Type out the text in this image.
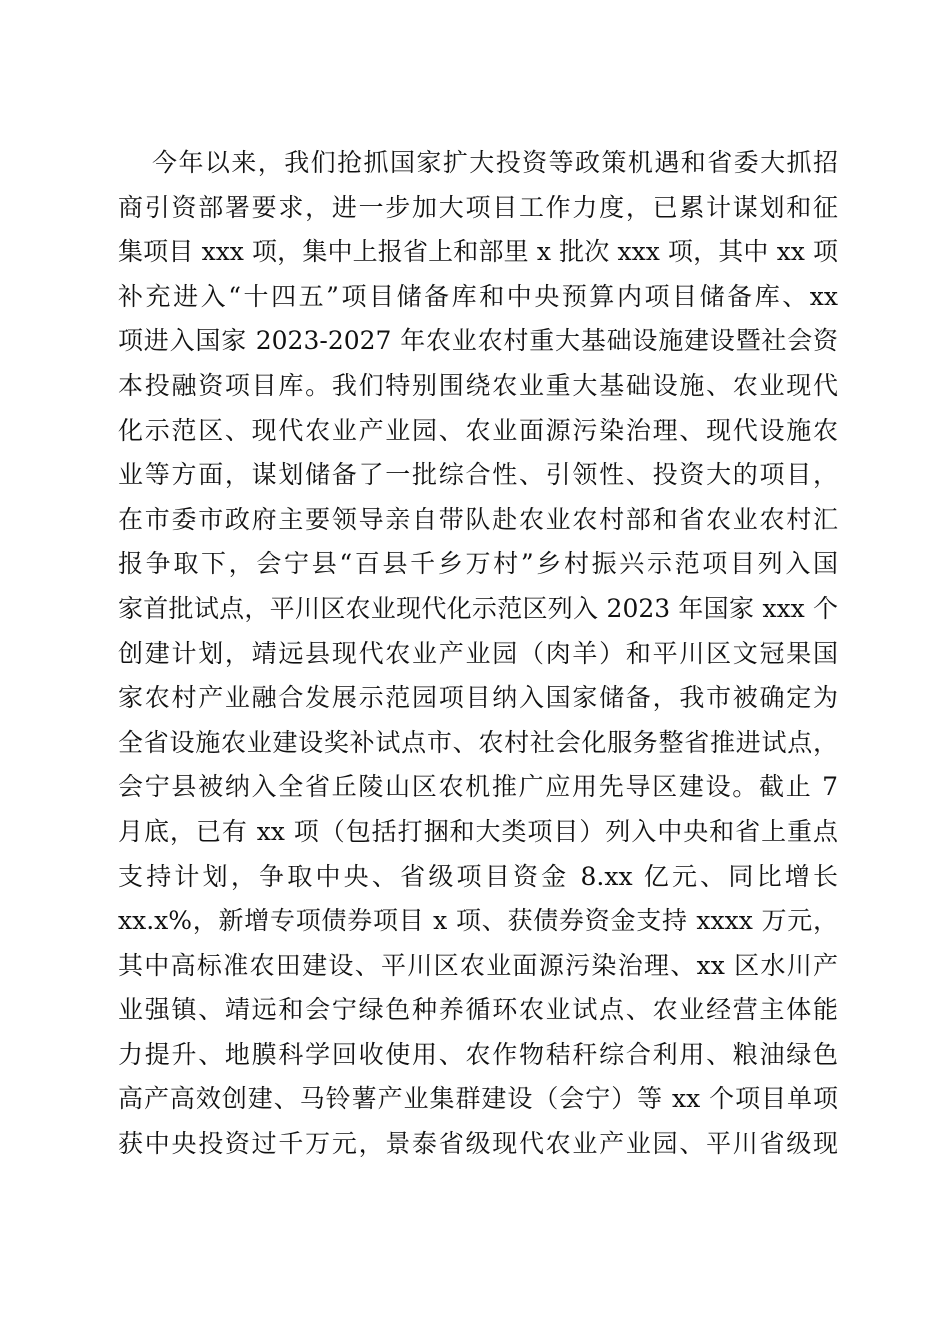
今年以来，我们抢抓国家扩大投资等政策机遇和省委大抓招
商引资部署要求，进一步加大项目工作力度，已累计谋划和征
集项目 xxx 项，集中上报省上和部里 x 批次 xxx 项，其中 xx 项
补充进入“十四五”项目储备库和中央预算内项目储备库、xx
项进入国家 2023-2027 年农业农村重大基础设施建设暨社会资
本投融资项目库。我们特别围绕农业重大基础设施、农业现代
化示范区、现代农业产业园、农业面源污染治理、现代设施农
业等方面，谋划储备了一批综合性、引领性、投资大的项目，
在市委市政府主要领导亲自带队赴农业农村部和省农业农村汇
报争取下，会宁县“百县千乡万村”乡村振兴示范项目列入国
家首批试点，平川区农业现代化示范区列入 2023 年国家 xxx 个
创建计划，靖远县现代农业产业园（肉羊）和平川区文冠果国
家农村产业融合发展示范园项目纳入国家储备，我市被确定为
全省设施农业建设奖补试点市、农村社会化服务整省推进试点，
会宁县被纳入全省丘陵山区农机推广应用先导区建设。截止 7
月底，已有 xx 项（包括打捆和大类项目）列入中央和省上重点
支持计划，争取中央、省级项目资金 8.xx 亿元、同比增长
xx.x%，新增专项债券项目 x 项、获债券资金支持 xxxx 万元，
其中高标准农田建设、平川区农业面源污染治理、xx 区水川产
业强镇、靖远和会宁绿色种养循环农业试点、农业经营主体能
力提升、地膜科学回收使用、农作物秸秆综合利用、粮油绿色
高产高效创建、马铃薯产业集群建设（会宁）等 xx 个项目单项
获中央投资过千万元，景泰省级现代农业产业园、平川省级现
